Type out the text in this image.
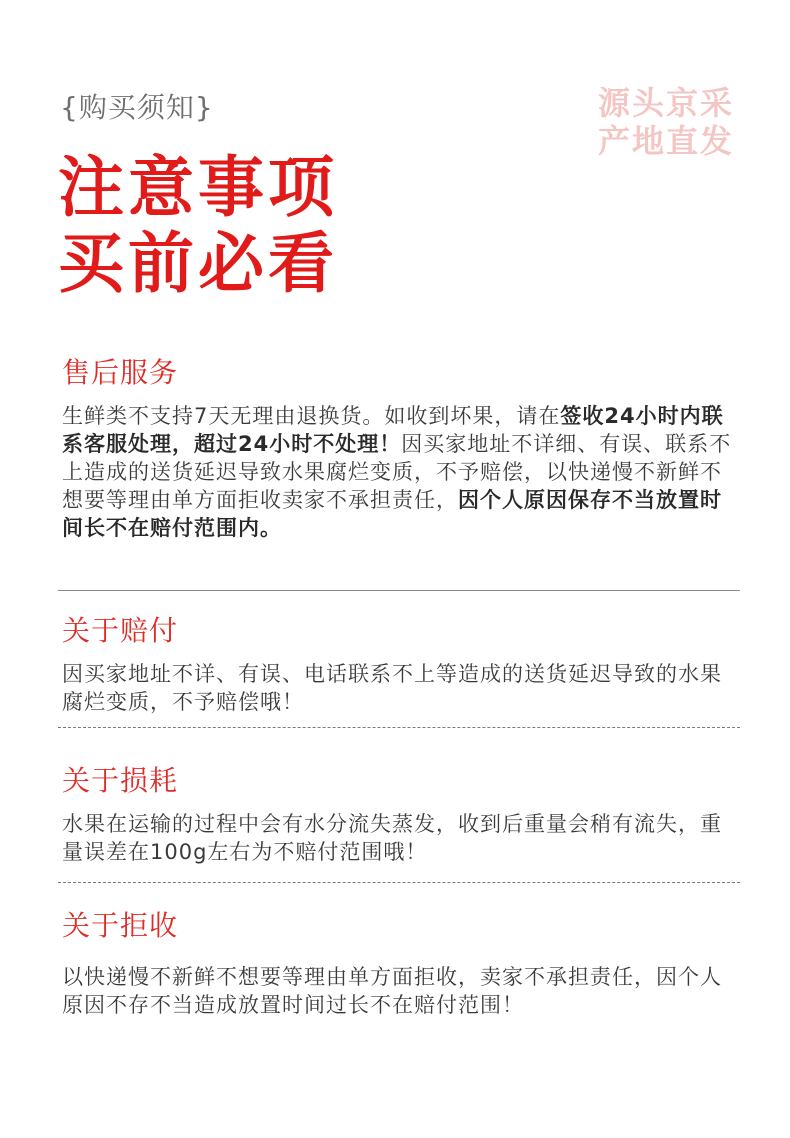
{购买须知}	源头京采
产地直发
注意事项
买前必看
售后服务
生鲜类不支持7天无理由退换货。如收到坏果，请在签收24小时内联系客服处理，超过24小时不处理！因买家地址不详细、有误、联系不上造成的送货延迟导致水果腐烂变质，不予赔偿，以快递慢不新鲜不想要等理由单方面拒收卖家不承担责任，因个人原因保存不当放置时间长不在赔付范围内。
关于赔付
因买家地址不详、有误、电话联系不上等造成的送货延迟导致的水果腐烂变质，不予赔偿哦！
关于损耗
水果在运输的过程中会有水分流失蒸发，收到后重量会稍有流失，重量误差在100g左右为不赔付范围哦！
关于拒收
以快递慢不新鲜不想要等理由单方面拒收，卖家不承担责任，因个人原因不存不当造成放置时间过长不在赔付范围！
